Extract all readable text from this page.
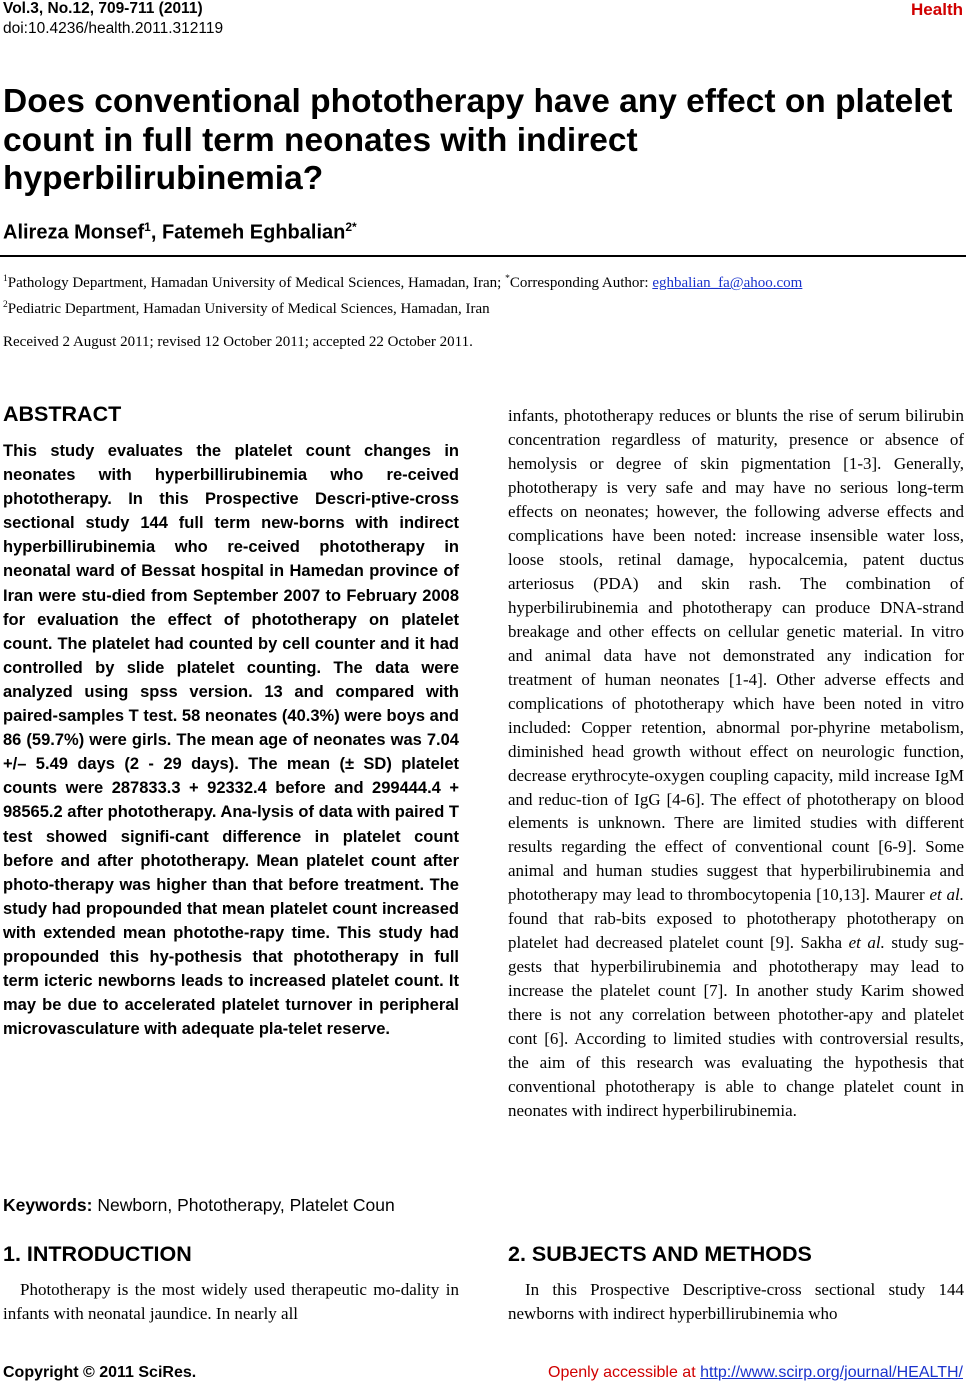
Vol.3, No.12, 709-711 (2011)
doi:10.4236/health.2011.312119
Health
Does conventional phototherapy have any effect on platelet count in full term neonates with indirect hyperbilirubinemia?
Alireza Monsef$^1$, Fatemeh Eghbalian$^{2*}$
$^1$Pathology Department, Hamadan University of Medical Sciences, Hamadan, Iran; *Corresponding Author: eghbalian_fa@ahoo.com
$^2$Pediatric Department, Hamadan University of Medical Sciences, Hamadan, Iran
Received 2 August 2011; revised 12 October 2011; accepted 22 October 2011.
ABSTRACT
This study evaluates the platelet count changes in neonates with hyperbillirubinemia who re-ceived phototherapy. In this Prospective Descri-ptive-cross sectional study 144 full term new-borns with indirect hyperbillirubinemia who re-ceived phototherapy in neonatal ward of Bessat hospital in Hamedan province of Iran were stu-died from September 2007 to February 2008 for evaluation the effect of phototherapy on platelet count. The platelet had counted by cell counter and it had controlled by slide platelet counting. The data were analyzed using spss version. 13 and compared with paired-samples T test. 58 neonates (40.3%) were boys and 86 (59.7%) were girls. The mean age of neonates was 7.04 +/– 5.49 days (2 - 29 days). The mean (± SD) platelet counts were 287833.3 + 92332.4 before and 299444.4 + 98565.2 after phototherapy. Ana-lysis of data with paired T test showed signifi-cant difference in platelet count before and after phototherapy. Mean platelet count after photo-therapy was higher than that before treatment. The study had propounded that mean platelet count increased with extended mean photothe-rapy time. This study had propounded this hy-pothesis that phototherapy in full term icteric newborns leads to increased platelet count. It may be due to accelerated platelet turnover in peripheral microvasculature with adequate pla-telet reserve.
Keywords: Newborn, Phototherapy, Platelet Coun
1. INTRODUCTION
Phototherapy is the most widely used therapeutic mo-dality in infants with neonatal jaundice. In nearly all
infants, phototherapy reduces or blunts the rise of serum bilirubin concentration regardless of maturity, presence or absence of hemolysis or degree of skin pigmentation [1-3]. Generally, phototherapy is very safe and may have no serious long-term effects on neonates; however, the following adverse effects and complications have been noted: increase insensible water loss, loose stools, retinal damage, hypocalcemia, patent ductus arteriosus (PDA) and skin rash. The combination of hyperbilirubinemia and phototherapy can produce DNA-strand breakage and other effects on cellular genetic material. In vitro and animal data have not demonstrated any indication for treatment of human neonates [1-4]. Other adverse effects and complications of phototherapy which have been noted in vitro included: Copper retention, abnormal por-phyrine metabolism, diminished head growth without effect on neurologic function, decrease erythrocyte-oxygen coupling capacity, mild increase IgM and reduc-tion of IgG [4-6]. The effect of phototherapy on blood elements is unknown. There are limited studies with different results regarding the effect of conventional count [6-9]. Some animal and human studies suggest that hyperbilirubinemia and phototherapy may lead to thrombocytopenia [10,13]. Maurer et al. found that rab-bits exposed to phototherapy phototherapy on platelet had decreased platelet count [9]. Sakha et al. study sug-gests that hyperbilirubinemia and phototherapy may lead to increase the platelet count [7]. In another study Karim showed there is not any correlation between photother-apy and platelet cont [6]. According to limited studies with controversial results, the aim of this research was evaluating the hypothesis that conventional phototherapy is able to change platelet count in neonates with indirect hyperbilirubinemia.
2. SUBJECTS AND METHODS
In this Prospective Descriptive-cross sectional study 144 newborns with indirect hyperbillirubinemia who
Copyright © 2011 SciRes.	Openly accessible at http://www.scirp.org/journal/HEALTH/
